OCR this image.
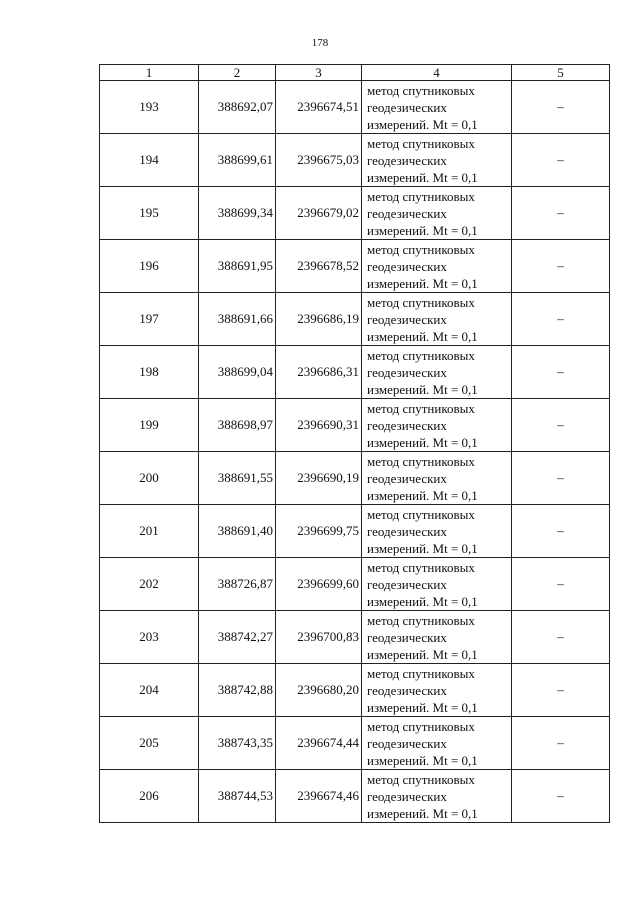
178
1	2	3	4	5
193	388692,07	2396674,51	метод спутниковых
геодезических
измерений. Mt = 0,1	–
194	388699,61	2396675,03	метод спутниковых
геодезических
измерений. Mt = 0,1	–
195	388699,34	2396679,02	метод спутниковых
геодезических
измерений. Mt = 0,1	–
196	388691,95	2396678,52	метод спутниковых
геодезических
измерений. Mt = 0,1	–
197	388691,66	2396686,19	метод спутниковых
геодезических
измерений. Mt = 0,1	–
198	388699,04	2396686,31	метод спутниковых
геодезических
измерений. Mt = 0,1	–
199	388698,97	2396690,31	метод спутниковых
геодезических
измерений. Mt = 0,1	–
200	388691,55	2396690,19	метод спутниковых
геодезических
измерений. Mt = 0,1	–
201	388691,40	2396699,75	метод спутниковых
геодезических
измерений. Mt = 0,1	–
202	388726,87	2396699,60	метод спутниковых
геодезических
измерений. Mt = 0,1	–
203	388742,27	2396700,83	метод спутниковых
геодезических
измерений. Mt = 0,1	–
204	388742,88	2396680,20	метод спутниковых
геодезических
измерений. Mt = 0,1	–
205	388743,35	2396674,44	метод спутниковых
геодезических
измерений. Mt = 0,1	–
206	388744,53	2396674,46	метод спутниковых
геодезических
измерений. Mt = 0,1	–
